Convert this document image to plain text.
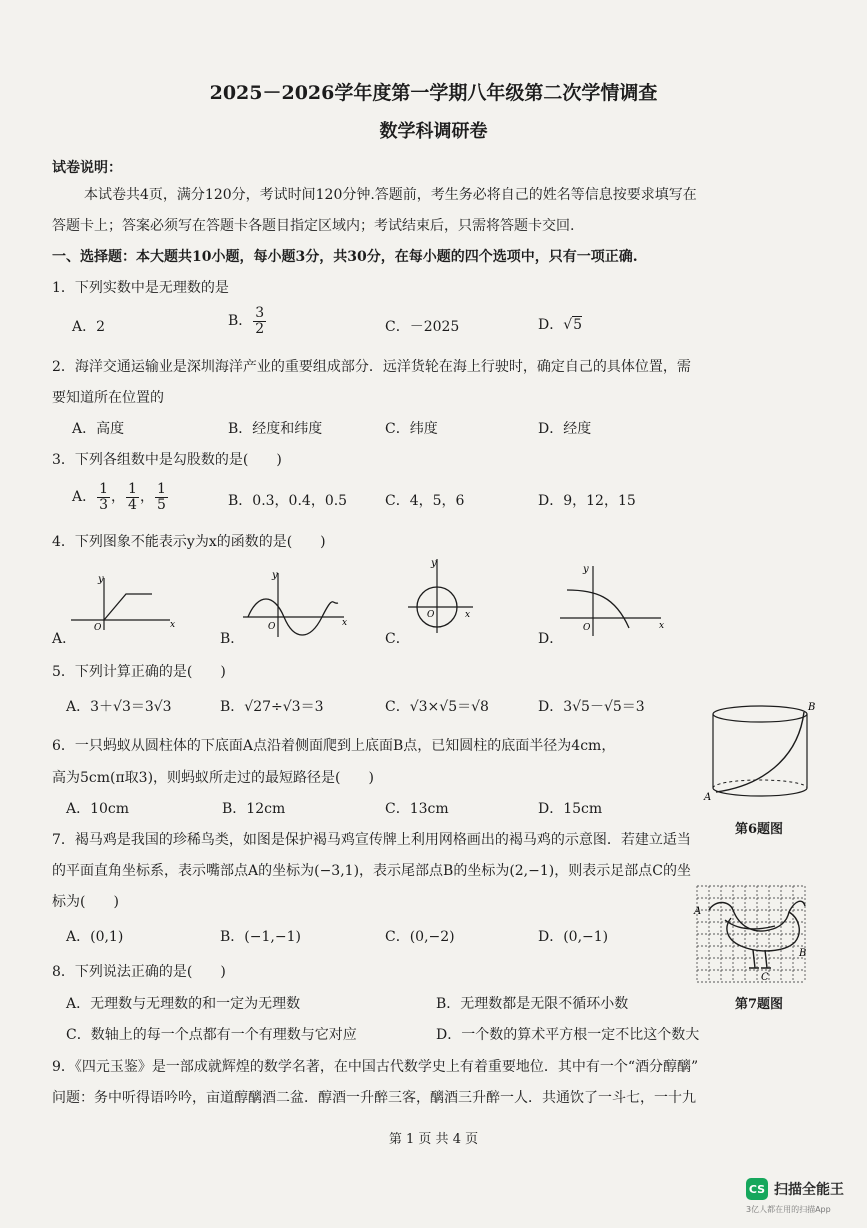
2025－2026学年度第一学期八年级第二次学情调查
数学科调研卷
试卷说明：
本试卷共4页，满分120分，考试时间120分钟.答题前，考生务必将自己的姓名等信息按要求填写在
答题卡上；答案必须写在答题卡各题目指定区域内；考试结束后，只需将答题卡交回.
一、选择题：本大题共10小题，每小题3分，共30分，在每小题的四个选项中，只有一项正确.
1．下列实数中是无理数的是
A．2	B． $\frac{3}{2}$	C．－2025	D．√5
2．海洋交通运输业是深圳海洋产业的重要组成部分．远洋货轮在海上行驶时，确定自己的具体位置，需
要知道所在位置的
A．高度	B．经度和纬度	C．纬度	D．经度
3．下列各组数中是勾股数的是(　　)
A． $\frac{1}{3}$ ， $\frac{1}{4}$ ， $\frac{1}{5}$	B．0.3，0.4，0.5	C．4，5，6	D．9，12，15
4．下列图象不能表示y为x的函数的是(　　)
A．
y
x
O
B．
y
x
O
C．
y
x
O
D．
y
x
O
5．下列计算正确的是(　　)
A．3＋√3＝3√3	B．√27÷√3＝3	C．√3×√5＝√8	D．3√5－√5＝3
6．一只蚂蚁从圆柱体的下底面A点沿着侧面爬到上底面B点，已知圆柱的底面半径为4cm，
高为5cm(π取3)，则蚂蚁所走过的最短路径是(　　)
A．10cm	B．12cm	C．13cm	D．15cm
A
B
第6题图
7．褐马鸡是我国的珍稀鸟类，如图是保护褐马鸡宣传牌上利用网格画出的褐马鸡的示意图．若建立适当
的平面直角坐标系，表示嘴部点A的坐标为(−3,1)，表示尾部点B的坐标为(2,−1)，则表示足部点C的坐
标为(　　)
A．(0,1)	B．(−1,−1)	C．(0,−2)	D．(0,−1)
A
B
C
第7题图
8．下列说法正确的是(　　)
A．无理数与无理数的和一定为无理数	B．无理数都是无限不循环小数
C．数轴上的每一个点都有一个有理数与它对应	D．一个数的算术平方根一定不比这个数大
9．《四元玉鉴》是一部成就辉煌的数学名著，在中国古代数学史上有着重要地位．其中有一个“酒分醇醨”
问题：务中听得语吟吟，亩道醇醨酒二盆．醇酒一升醉三客，醨酒三升醉一人．共通饮了一斗七，一十九
第 1 页 共 4 页
CS 扫描全能王
3亿人都在用的扫描App
